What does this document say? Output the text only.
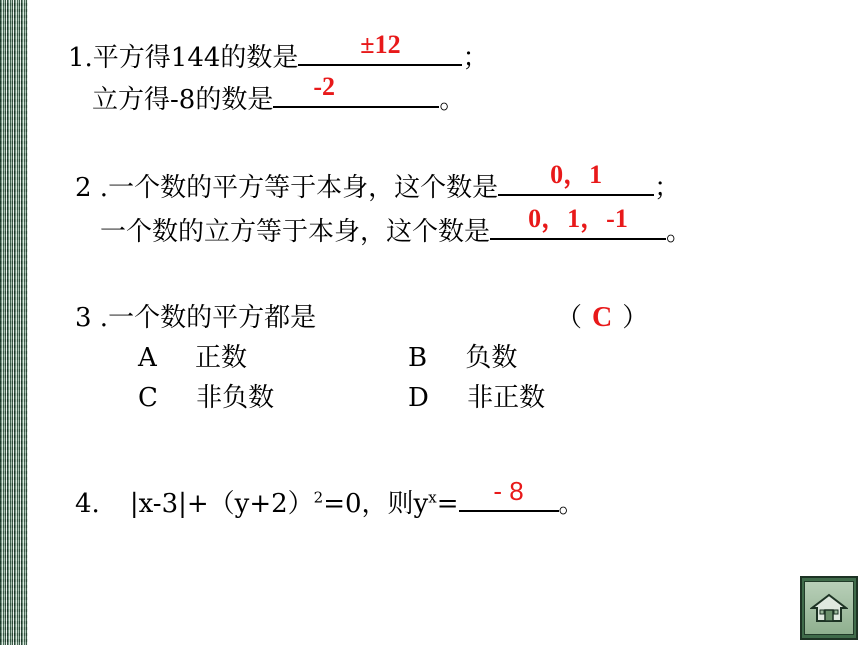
1.平方得144的数是	±12	；
立方得-8的数是 -2	。
2 .一个数的平方等于本身，这个数是	0，1	；
一个数的立方等于本身，这个数是	0，1，-1	。
3 .一个数的平方都是	（ C ）
A 正数	B 负数
C 非负数	D 非正数
4. $|x-3|+(y+2)^2=0$，则$y^x=$	- 8	。
